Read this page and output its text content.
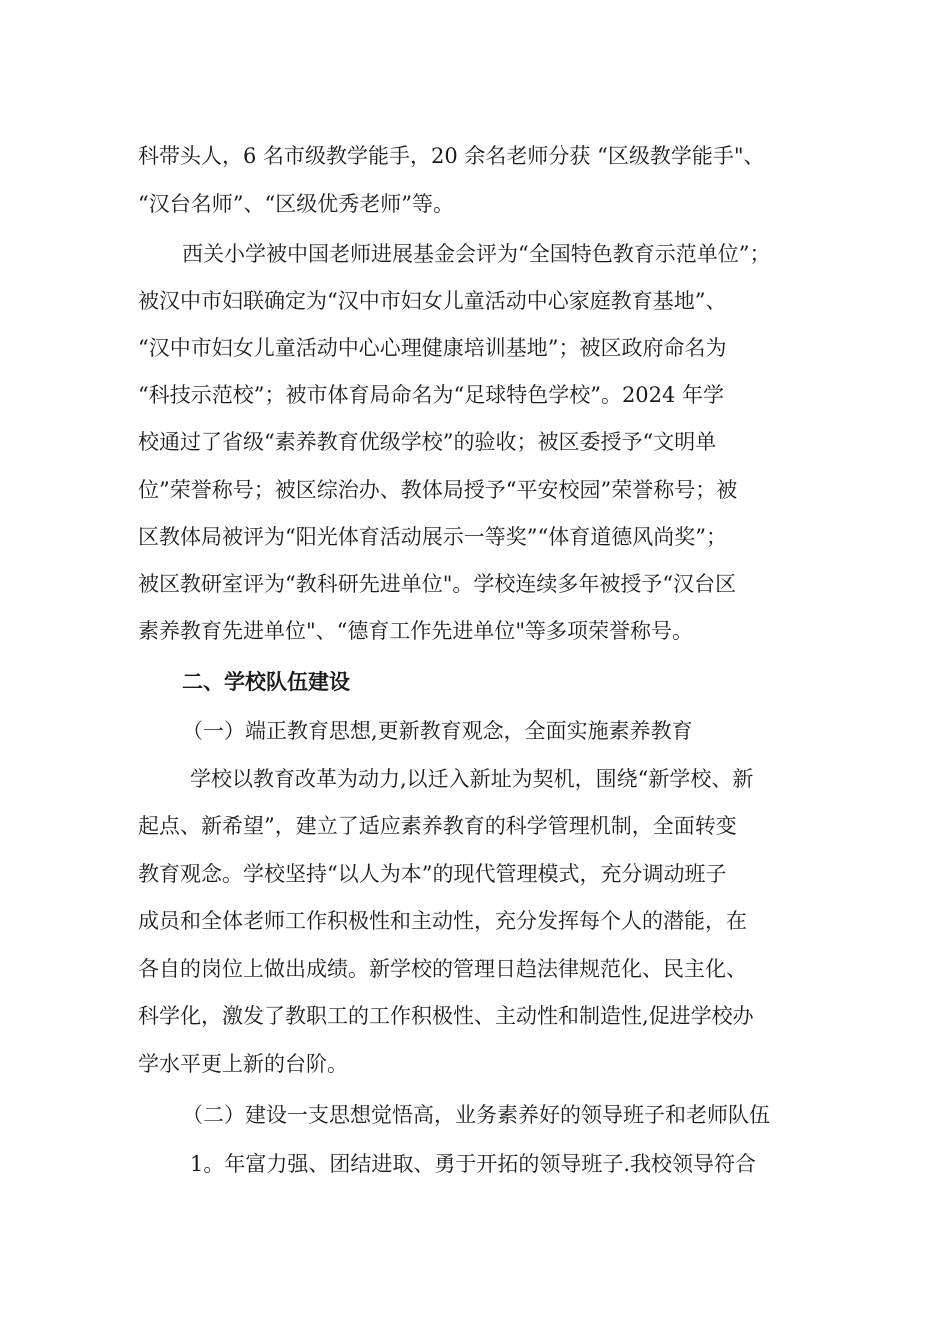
科带头人，6 名市级教学能手，20 余名老师分获 “区级教学能手"、
“汉台名师”、“区级优秀老师”等。
西关小学被中国老师进展基金会评为“全国特色教育示范单位”；
被汉中市妇联确定为“汉中市妇女儿童活动中心家庭教育基地”、
“汉中市妇女儿童活动中心心理健康培训基地”；被区政府命名为
“科技示范校”；被市体育局命名为“足球特色学校”。2024 年学
校通过了省级“素养教育优级学校”的验收；被区委授予“文明单
位”荣誉称号；被区综治办、教体局授予“平安校园”荣誉称号；被
区教体局被评为“阳光体育活动展示一等奖”“体育道德风尚奖”；
被区教研室评为“教科研先进单位"。学校连续多年被授予“汉台区
素养教育先进单位"、“德育工作先进单位"等多项荣誉称号。
二、学校队伍建设
（一）端正教育思想,更新教育观念，全面实施素养教育
学校以教育改革为动力,以迁入新址为契机，围绕“新学校、新
起点、新希望”，建立了适应素养教育的科学管理机制，全面转变
教育观念。学校坚持“以人为本”的现代管理模式，充分调动班子
成员和全体老师工作积极性和主动性，充分发挥每个人的潜能，在
各自的岗位上做出成绩。新学校的管理日趋法律规范化、民主化、
科学化，激发了教职工的工作积极性、主动性和制造性,促进学校办
学水平更上新的台阶。
（二）建设一支思想觉悟高，业务素养好的领导班子和老师队伍
1。年富力强、团结进取、勇于开拓的领导班子.我校领导符合
